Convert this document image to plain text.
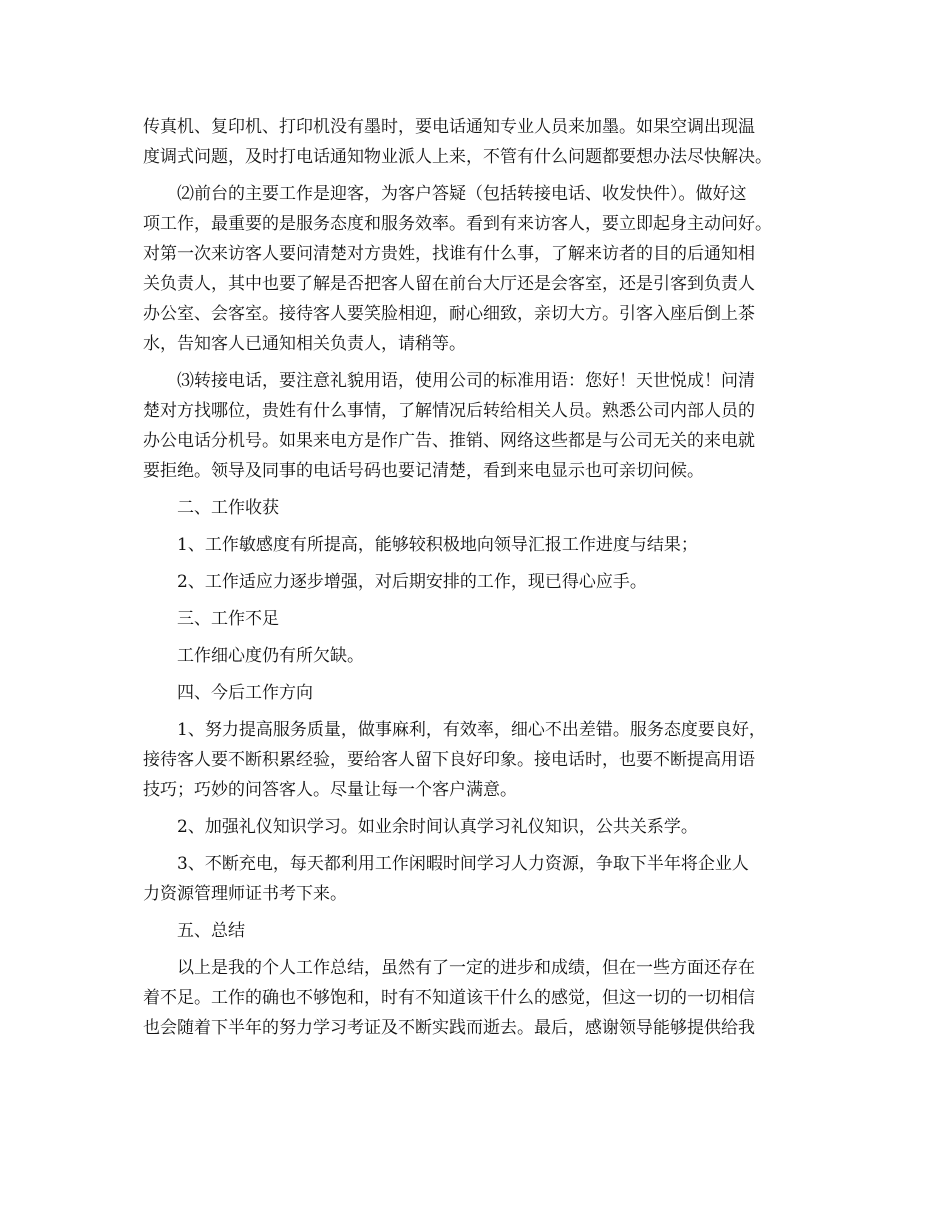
传真机、复印机、打印机没有墨时，要电话通知专业人员来加墨。如果空调出现温
度调式问题，及时打电话通知物业派人上来，不管有什么问题都要想办法尽快解决。
⑵前台的主要工作是迎客，为客户答疑（包括转接电话、收发快件）。做好这
项工作，最重要的是服务态度和服务效率。看到有来访客人，要立即起身主动问好。
对第一次来访客人要问清楚对方贵姓，找谁有什么事，了解来访者的目的后通知相
关负责人，其中也要了解是否把客人留在前台大厅还是会客室，还是引客到负责人
办公室、会客室。接待客人要笑脸相迎，耐心细致，亲切大方。引客入座后倒上茶
水，告知客人已通知相关负责人，请稍等。
⑶转接电话，要注意礼貌用语，使用公司的标准用语：您好！天世悦成！问清
楚对方找哪位，贵姓有什么事情，了解情况后转给相关人员。熟悉公司内部人员的
办公电话分机号。如果来电方是作广告、推销、网络这些都是与公司无关的来电就
要拒绝。领导及同事的电话号码也要记清楚，看到来电显示也可亲切问候。
二、工作收获
1、工作敏感度有所提高，能够较积极地向领导汇报工作进度与结果；
2、工作适应力逐步增强，对后期安排的工作，现已得心应手。
三、工作不足
工作细心度仍有所欠缺。
四、今后工作方向
1、努力提高服务质量，做事麻利，有效率，细心不出差错。服务态度要良好，
接待客人要不断积累经验，要给客人留下良好印象。接电话时，也要不断提高用语
技巧；巧妙的问答客人。尽量让每一个客户满意。
2、加强礼仪知识学习。如业余时间认真学习礼仪知识，公共关系学。
3、不断充电，每天都利用工作闲暇时间学习人力资源，争取下半年将企业人
力资源管理师证书考下来。
五、总结
以上是我的个人工作总结，虽然有了一定的进步和成绩，但在一些方面还存在
着不足。工作的确也不够饱和，时有不知道该干什么的感觉，但这一切的一切相信
也会随着下半年的努力学习考证及不断实践而逝去。最后，感谢领导能够提供给我
